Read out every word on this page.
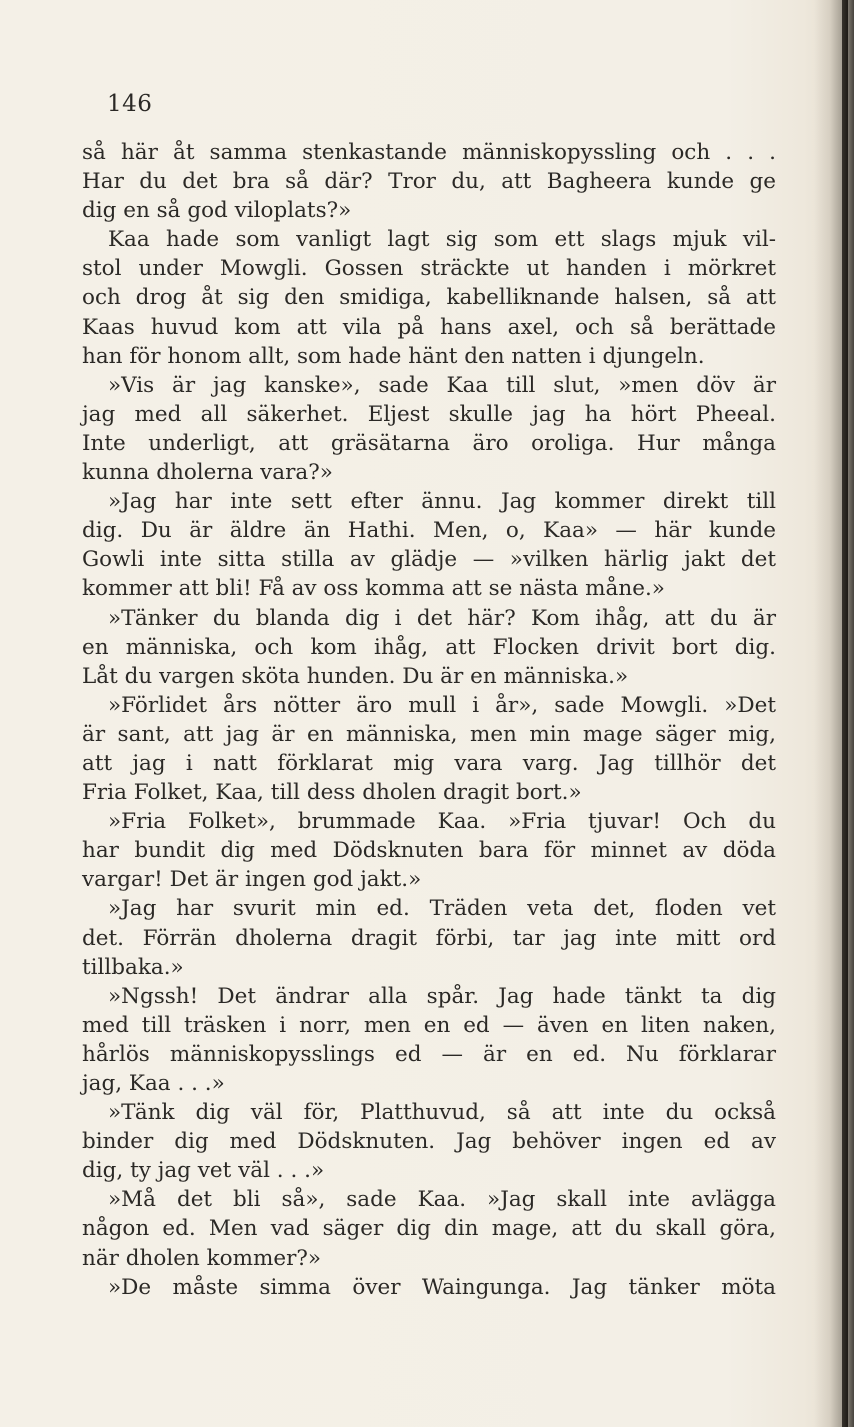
146
så här åt samma stenkastande människopyssling och . . .
Har du det bra så där? Tror du, att Bagheera kunde ge
dig en så god viloplats?»
Kaa hade som vanligt lagt sig som ett slags mjuk vil-
stol under Mowgli. Gossen sträckte ut handen i mörkret
och drog åt sig den smidiga, kabelliknande halsen, så att
Kaas huvud kom att vila på hans axel, och så berättade
han för honom allt, som hade hänt den natten i djungeln.
»Vis är jag kanske», sade Kaa till slut, »men döv är
jag med all säkerhet. Eljest skulle jag ha hört Pheeal.
Inte underligt, att gräsätarna äro oroliga. Hur många
kunna dholerna vara?»
»Jag har inte sett efter ännu. Jag kommer direkt till
dig. Du är äldre än Hathi. Men, o, Kaa» — här kunde
Gowli inte sitta stilla av glädje — »vilken härlig jakt det
kommer att bli! Få av oss komma att se nästa måne.»
»Tänker du blanda dig i det här? Kom ihåg, att du är
en människa, och kom ihåg, att Flocken drivit bort dig.
Låt du vargen sköta hunden. Du är en människa.»
»Förlidet års nötter äro mull i år», sade Mowgli. »Det
är sant, att jag är en människa, men min mage säger mig,
att jag i natt förklarat mig vara varg. Jag tillhör det
Fria Folket, Kaa, till dess dholen dragit bort.»
»Fria Folket», brummade Kaa. »Fria tjuvar! Och du
har bundit dig med Dödsknuten bara för minnet av döda
vargar! Det är ingen god jakt.»
»Jag har svurit min ed. Träden veta det, floden vet
det. Förrän dholerna dragit förbi, tar jag inte mitt ord
tillbaka.»
»Ngssh! Det ändrar alla spår. Jag hade tänkt ta dig
med till träsken i norr, men en ed — även en liten naken,
hårlös människopysslings ed — är en ed. Nu förklarar
jag, Kaa . . .»
»Tänk dig väl för, Platthuvud, så att inte du också
binder dig med Dödsknuten. Jag behöver ingen ed av
dig, ty jag vet väl . . .»
»Må det bli så», sade Kaa. »Jag skall inte avlägga
någon ed. Men vad säger dig din mage, att du skall göra,
när dholen kommer?»
»De måste simma över Waingunga. Jag tänker möta
